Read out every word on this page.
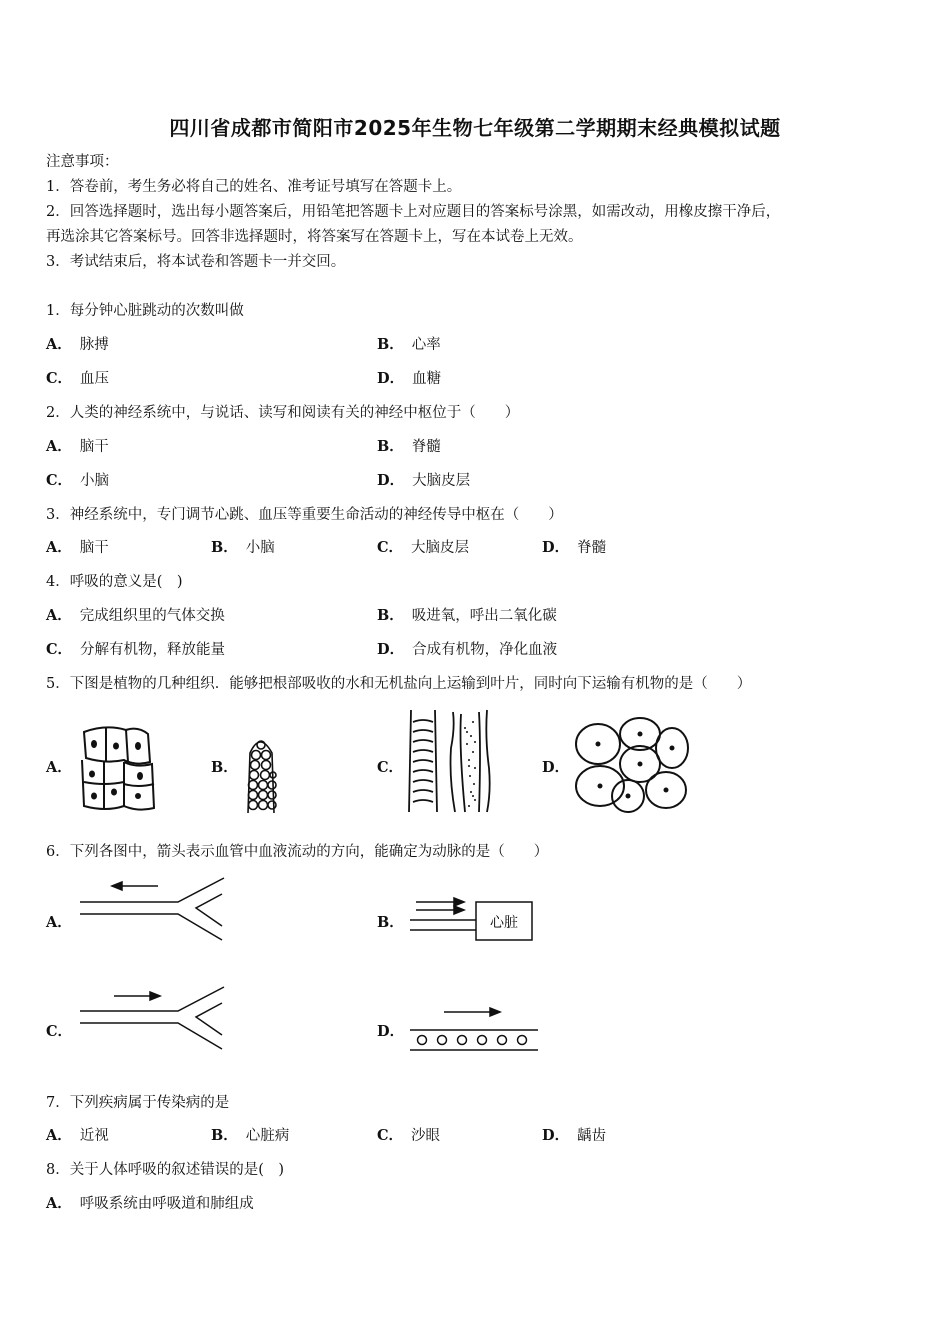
四川省成都市简阳市2025年生物七年级第二学期期末经典模拟试题
注意事项：
1．答卷前，考生务必将自己的姓名、准考证号填写在答题卡上。
2．回答选择题时，选出每小题答案后，用铅笔把答题卡上对应题目的答案标号涂黑，如需改动，用橡皮擦干净后，
再选涂其它答案标号。回答非选择题时，将答案写在答题卡上，写在本试卷上无效。
3．考试结束后，将本试卷和答题卡一并交回。
1．每分钟心脏跳动的次数叫做
A． 脉搏	B． 心率
C． 血压	D． 血糖
2．人类的神经系统中，与说话、读写和阅读有关的神经中枢位于（　　）
A． 脑干	B． 脊髓
C． 小脑	D． 大脑皮层
3．神经系统中，专门调节心跳、血压等重要生命活动的神经传导中枢在（　　）
A． 脑干	B． 小脑	C． 大脑皮层	D． 脊髓
4．呼吸的意义是(　)
A． 完成组织里的气体交换	B． 吸进氧，呼出二氧化碳
C． 分解有机物，释放能量	D． 合成有机物，净化血液
5．下图是植物的几种组织．能够把根部吸收的水和无机盐向上运输到叶片，同时向下运输有机物的是（　　）
A．	B．	C．	D．
6．下列各图中，箭头表示血管中血液流动的方向，能确定为动脉的是（　　）
A．	B．
C．	D．
心脏
7．下列疾病属于传染病的是
A． 近视	B． 心脏病	C． 沙眼	D． 龋齿
8．关于人体呼吸的叙述错误的是(　)
A． 呼吸系统由呼吸道和肺组成
